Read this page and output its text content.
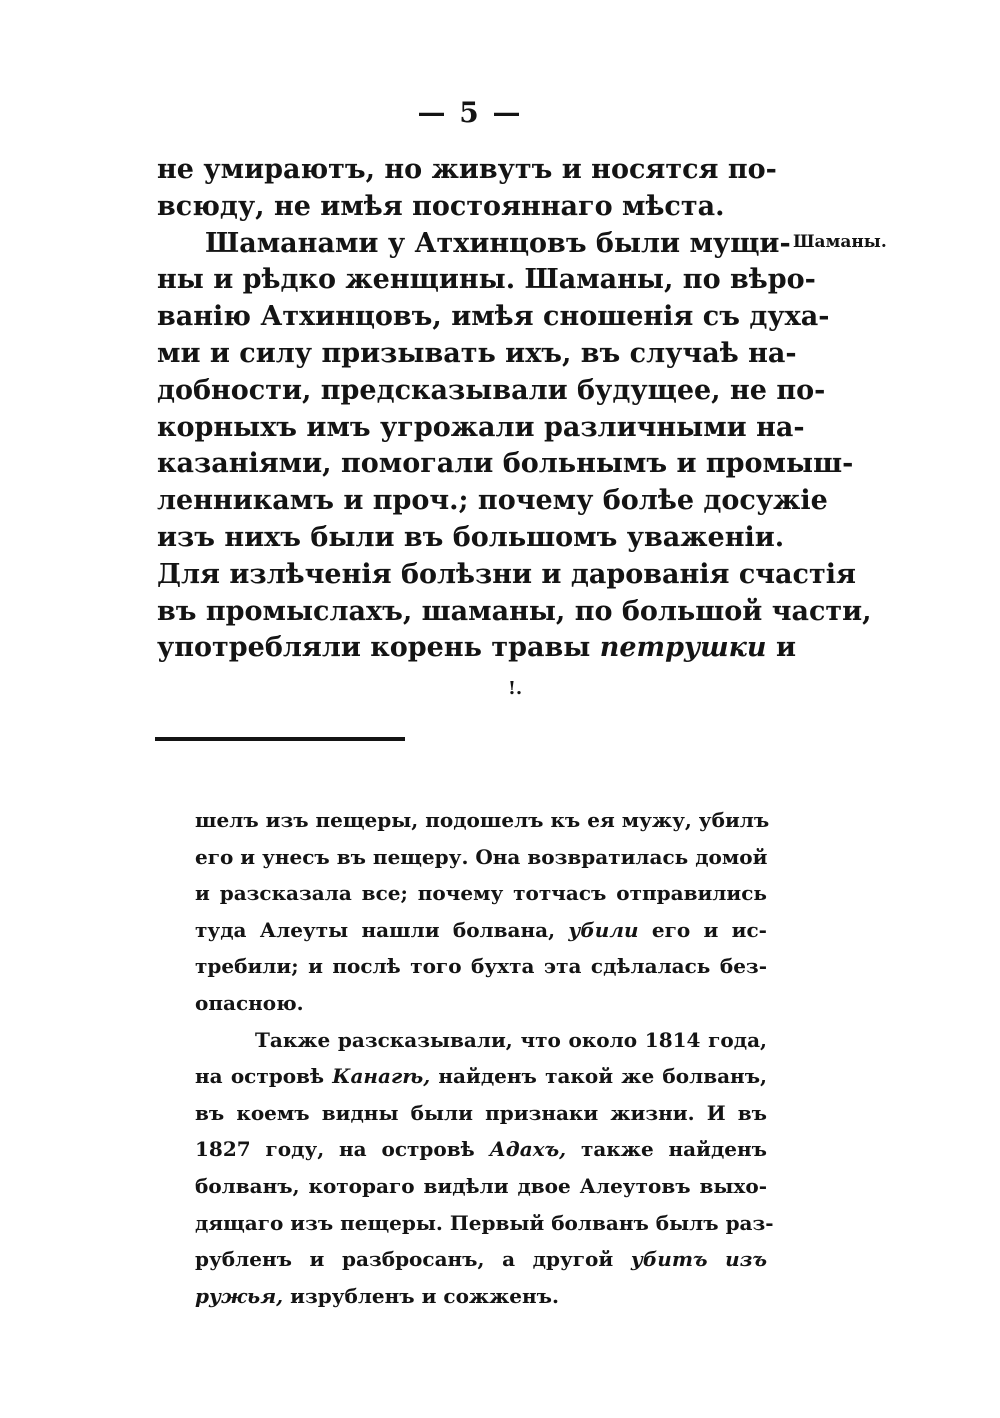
— 5 —
не умираютъ, но живутъ и носятся по-
всюду, не имѣя постояннаго мѣста.
Шаманами у Атхинцовъ были мущи-
ны и рѣдко женщины. Шаманы, по вѣро-
ванію Атхинцовъ, имѣя сношенія съ духа-
ми и силу призывать ихъ, въ случаѣ на-
добности, предсказывали будущее, не по-
корныхъ имъ угрожали различными на-
казаніями, помогали больнымъ и промыш-
ленникамъ и проч.; почему болѣе досужіе
изъ нихъ были въ большомъ уваженіи.
Для излѣченія болѣзни и дарованія счастія
въ промыслахъ, шаманы, по большой части,
употребляли корень травы петрушки и
Шаманы.
!.
шелъ изъ пещеры, подошелъ къ ея мужу, убилъ
его и унесъ въ пещеру. Она возвратилась домой
и разсказала все; почему тотчасъ отправились
туда Алеуты нашли болвана, убили его и ис-
требили; и послѣ того бухта эта сдѣлалась без-
опасною.
Также разсказывали, что около 1814 года,
на островѣ Канагѣ, найденъ такой же болванъ,
въ коемъ видны были признаки жизни. И въ
1827 году, на островѣ Адахъ, также найденъ
болванъ, котораго видѣли двое Алеутовъ выхо-
дящаго изъ пещеры. Первый болванъ былъ раз-
рубленъ и разбросанъ, а другой убитъ изъ
ружья, изрубленъ и сожженъ.
